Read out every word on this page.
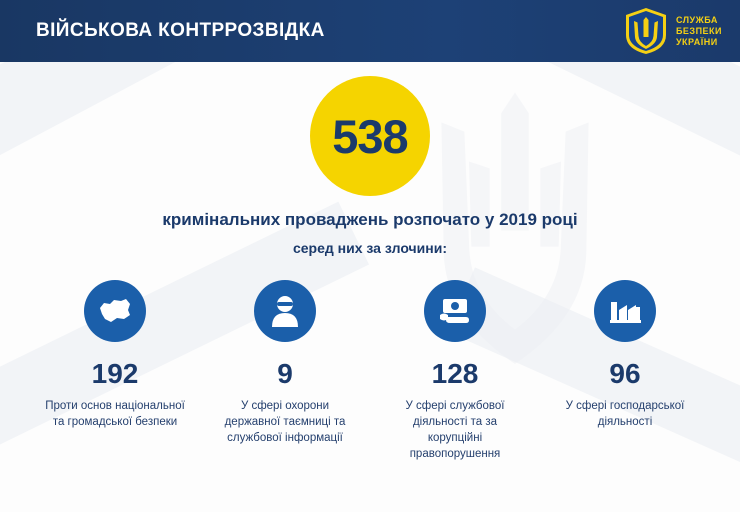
ВІЙСЬКОВА КОНТРРОЗВІДКА
СЛУЖБА
БЕЗПЕКИ
УКРАЇНИ
538
кримінальних проваджень розпочато у 2019 році
серед них за злочини:
192
Проти основ національної та громадської безпеки
9
У сфері охорони державної таємниці та службової інформації
128
У сфері службової діяльності та за корупційні правопорушення
96
У сфері господарської діяльності
